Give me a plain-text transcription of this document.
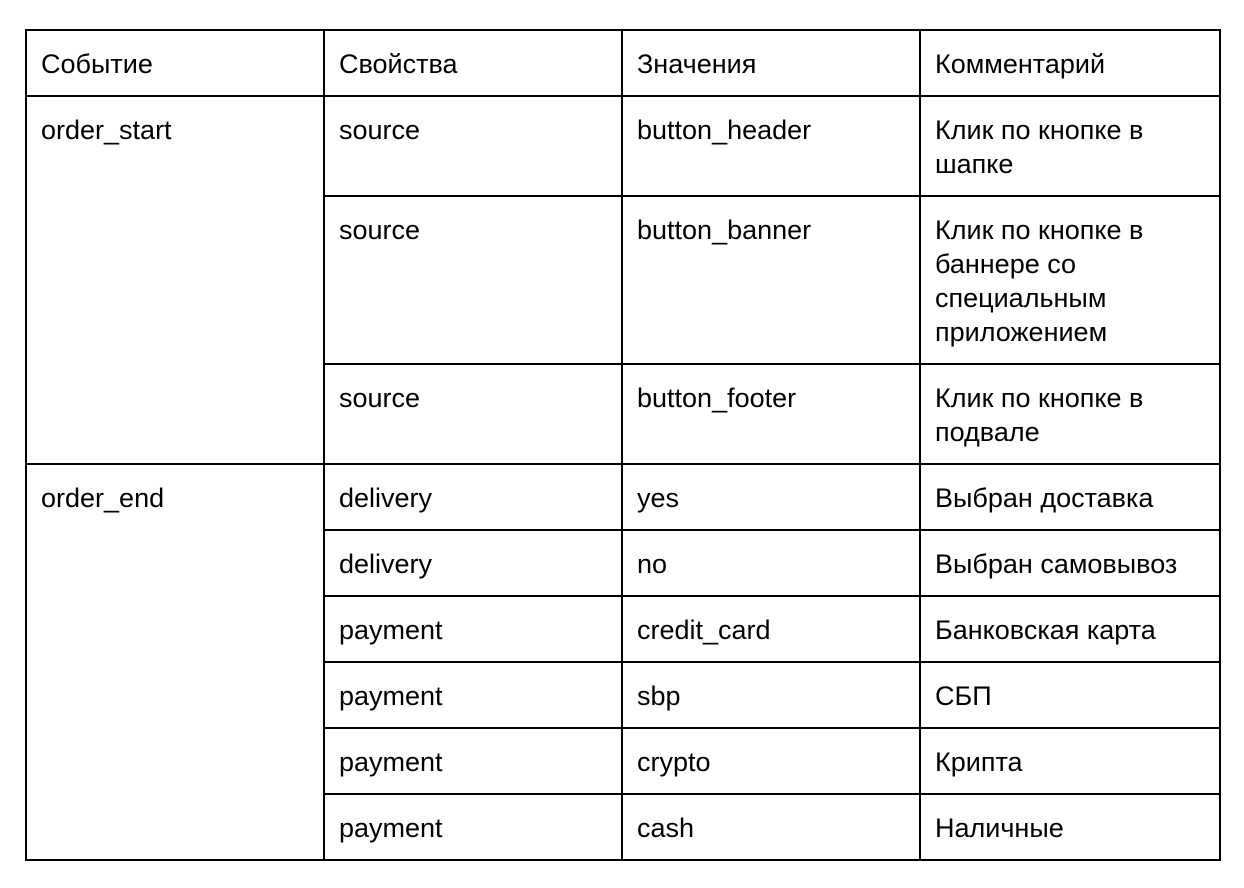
Событие	Свойства	Значения	Комментарий
order_start	source	button_header	Клик по кнопке в шапке
	source	button_banner	Клик по кнопке в баннере со специальным приложением
	source	button_footer	Клик по кнопке в подвале
order_end	delivery	yes	Выбран доставка
	delivery	no	Выбран самовывоз
	payment	credit_card	Банковская карта
	payment	sbp	СБП
	payment	crypto	Крипта
	payment	cash	Наличные
